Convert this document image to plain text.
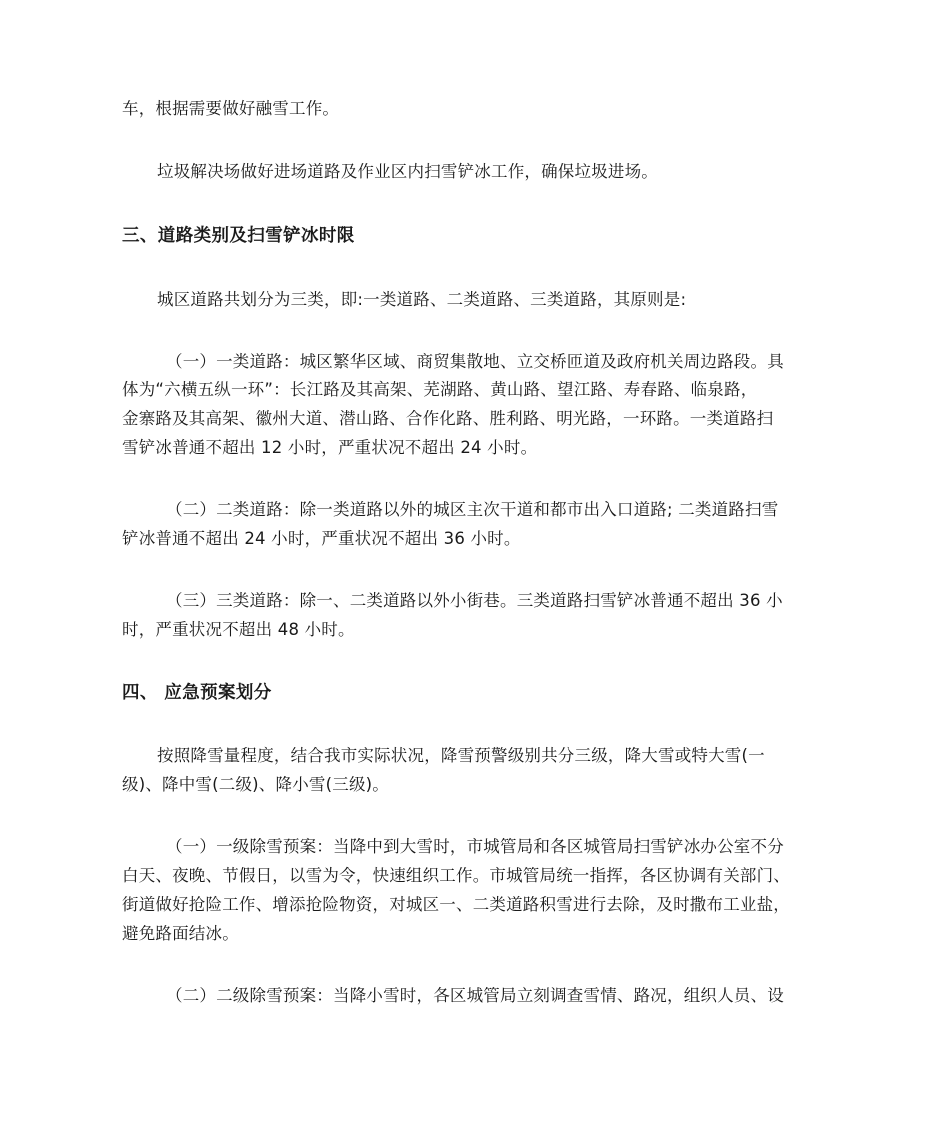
车，根据需要做好融雪工作。
垃圾解决场做好进场道路及作业区内扫雪铲冰工作，确保垃圾进场。
三、道路类别及扫雪铲冰时限
城区道路共划分为三类，即:一类道路、二类道路、三类道路，其原则是:
（一）一类道路：城区繁华区域、商贸集散地、立交桥匝道及政府机关周边路段。具
体为“六横五纵一环”：长江路及其高架、芜湖路、黄山路、望江路、寿春路、临泉路，
金寨路及其高架、徽州大道、潜山路、合作化路、胜利路、明光路，一环路。一类道路扫
雪铲冰普通不超出 12 小时，严重状况不超出 24 小时。
（二）二类道路：除一类道路以外的城区主次干道和都市出入口道路; 二类道路扫雪
铲冰普通不超出 24 小时，严重状况不超出 36 小时。
（三）三类道路：除一、二类道路以外小街巷。三类道路扫雪铲冰普通不超出 36 小
时，严重状况不超出 48 小时。
四、 应急预案划分
按照降雪量程度，结合我市实际状况，降雪预警级别共分三级，降大雪或特大雪(一
级)、降中雪(二级)、降小雪(三级)。
（一）一级除雪预案：当降中到大雪时，市城管局和各区城管局扫雪铲冰办公室不分
白天、夜晚、节假日，以雪为令，快速组织工作。市城管局统一指挥，各区协调有关部门、
街道做好抢险工作、增添抢险物资，对城区一、二类道路积雪进行去除，及时撒布工业盐，
避免路面结冰。
（二）二级除雪预案：当降小雪时，各区城管局立刻调查雪情、路况，组织人员、设
